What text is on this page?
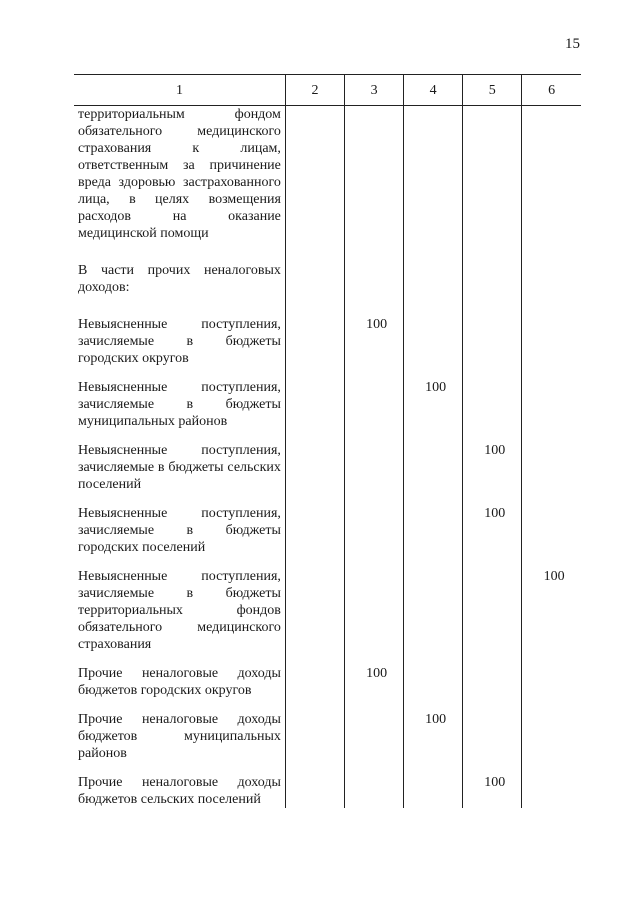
15
1	2	3	4	5	6
территориальным фондом обязательного медицинского страхования к лицам, ответственным за причинение вреда здоровью застрахованного лица, в целях возмещения расходов на оказание медицинской помощи	

В части прочих неналоговых доходов:	

Невыясненные поступления, зачисляемые в бюджеты городских округов		100			

Невыясненные поступления, зачисляемые в бюджеты муниципальных районов			100		

Невыясненные поступления, зачисляемые в бюджеты сельских поселений				100	

Невыясненные поступления, зачисляемые в бюджеты городских поселений				100	

Невыясненные поступления, зачисляемые в бюджеты территориальных фондов обязательного медицинского страхования					100

Прочие неналоговые доходы бюджетов городских округов		100			

Прочие неналоговые доходы бюджетов муниципальных районов			100		

Прочие неналоговые доходы бюджетов сельских поселений				100	
